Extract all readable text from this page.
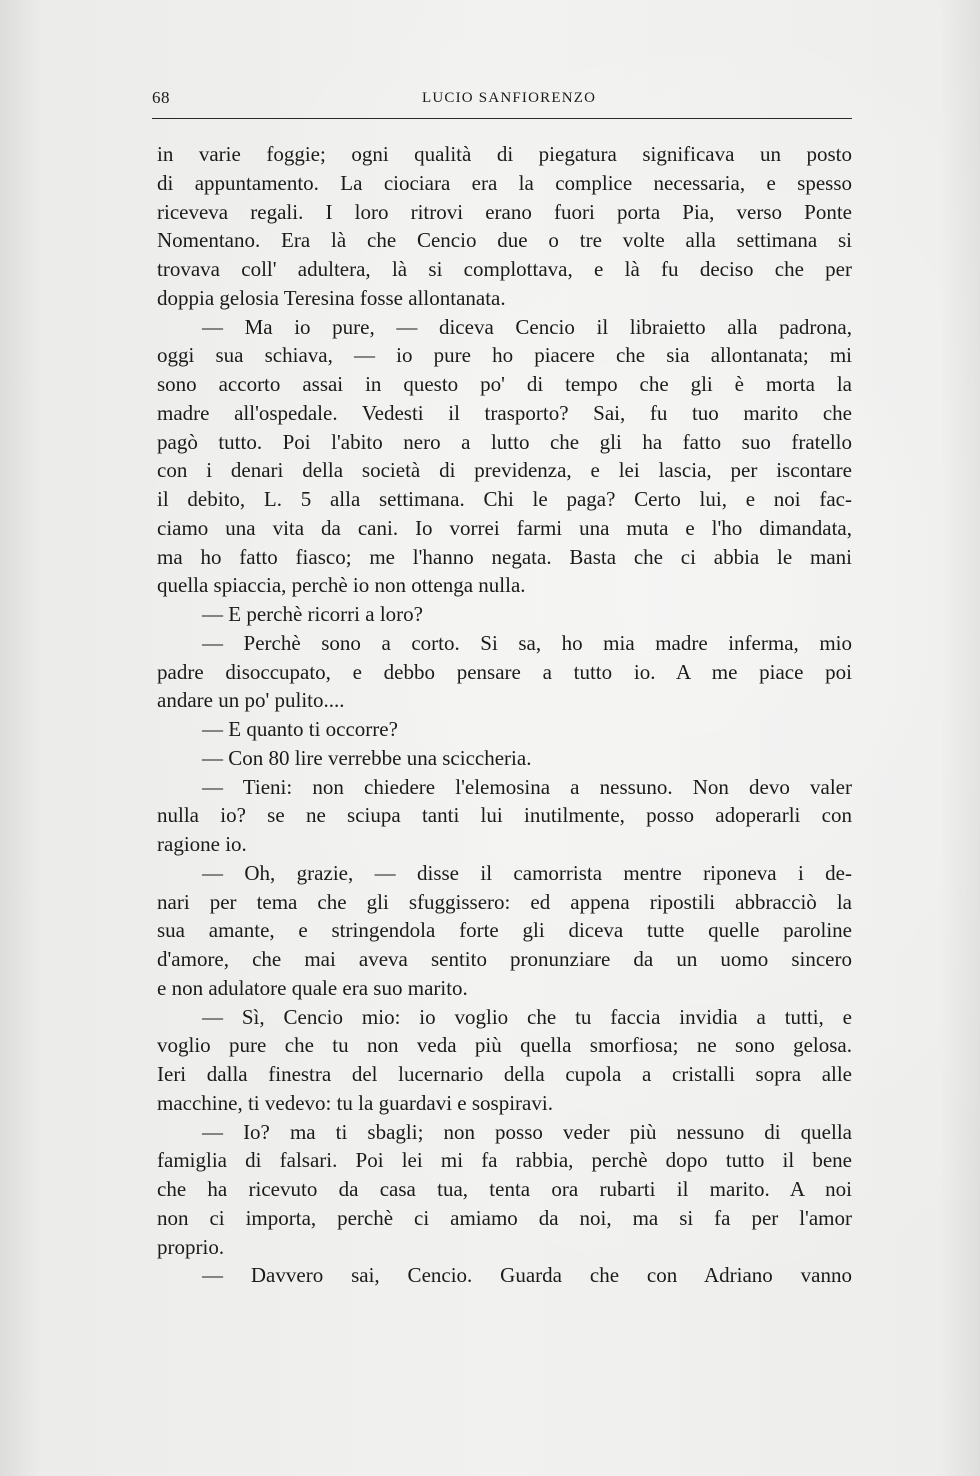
68	LUCIO SANFIORENZO
in varie foggie; ogni qualità di piegatura significava un posto
di appuntamento. La ciociara era la complice necessaria, e spesso
riceveva regali. I loro ritrovi erano fuori porta Pia, verso Ponte
Nomentano. Era là che Cencio due o tre volte alla settimana si
trovava coll' adultera, là si complottava, e là fu deciso che per
doppia gelosia Teresina fosse allontanata.
— Ma io pure, — diceva Cencio il libraietto alla padrona,
oggi sua schiava, — io pure ho piacere che sia allontanata; mi
sono accorto assai in questo po' di tempo che gli è morta la
madre all'ospedale. Vedesti il trasporto? Sai, fu tuo marito che
pagò tutto. Poi l'abito nero a lutto che gli ha fatto suo fratello
con i denari della società di previdenza, e lei lascia, per iscontare
il debito, L. 5 alla settimana. Chi le paga? Certo lui, e noi fac-
ciamo una vita da cani. Io vorrei farmi una muta e l'ho dimandata,
ma ho fatto fiasco; me l'hanno negata. Basta che ci abbia le mani
quella spiaccia, perchè io non ottenga nulla.
— E perchè ricorri a loro?
— Perchè sono a corto. Si sa, ho mia madre inferma, mio
padre disoccupato, e debbo pensare a tutto io. A me piace poi
andare un po' pulito....
— E quanto ti occorre?
— Con 80 lire verrebbe una sciccheria.
— Tieni: non chiedere l'elemosina a nessuno. Non devo valer
nulla io? se ne sciupa tanti lui inutilmente, posso adoperarli con
ragione io.
— Oh, grazie, — disse il camorrista mentre riponeva i de-
nari per tema che gli sfuggissero: ed appena ripostili abbracciò la
sua amante, e stringendola forte gli diceva tutte quelle paroline
d'amore, che mai aveva sentito pronunziare da un uomo sincero
e non adulatore quale era suo marito.
— Sì, Cencio mio: io voglio che tu faccia invidia a tutti, e
voglio pure che tu non veda più quella smorfiosa; ne sono gelosa.
Ieri dalla finestra del lucernario della cupola a cristalli sopra alle
macchine, ti vedevo: tu la guardavi e sospiravi.
— Io? ma ti sbagli; non posso veder più nessuno di quella
famiglia di falsari. Poi lei mi fa rabbia, perchè dopo tutto il bene
che ha ricevuto da casa tua, tenta ora rubarti il marito. A noi
non ci importa, perchè ci amiamo da noi, ma si fa per l'amor
proprio.
— Davvero sai, Cencio. Guarda che con Adriano vanno
